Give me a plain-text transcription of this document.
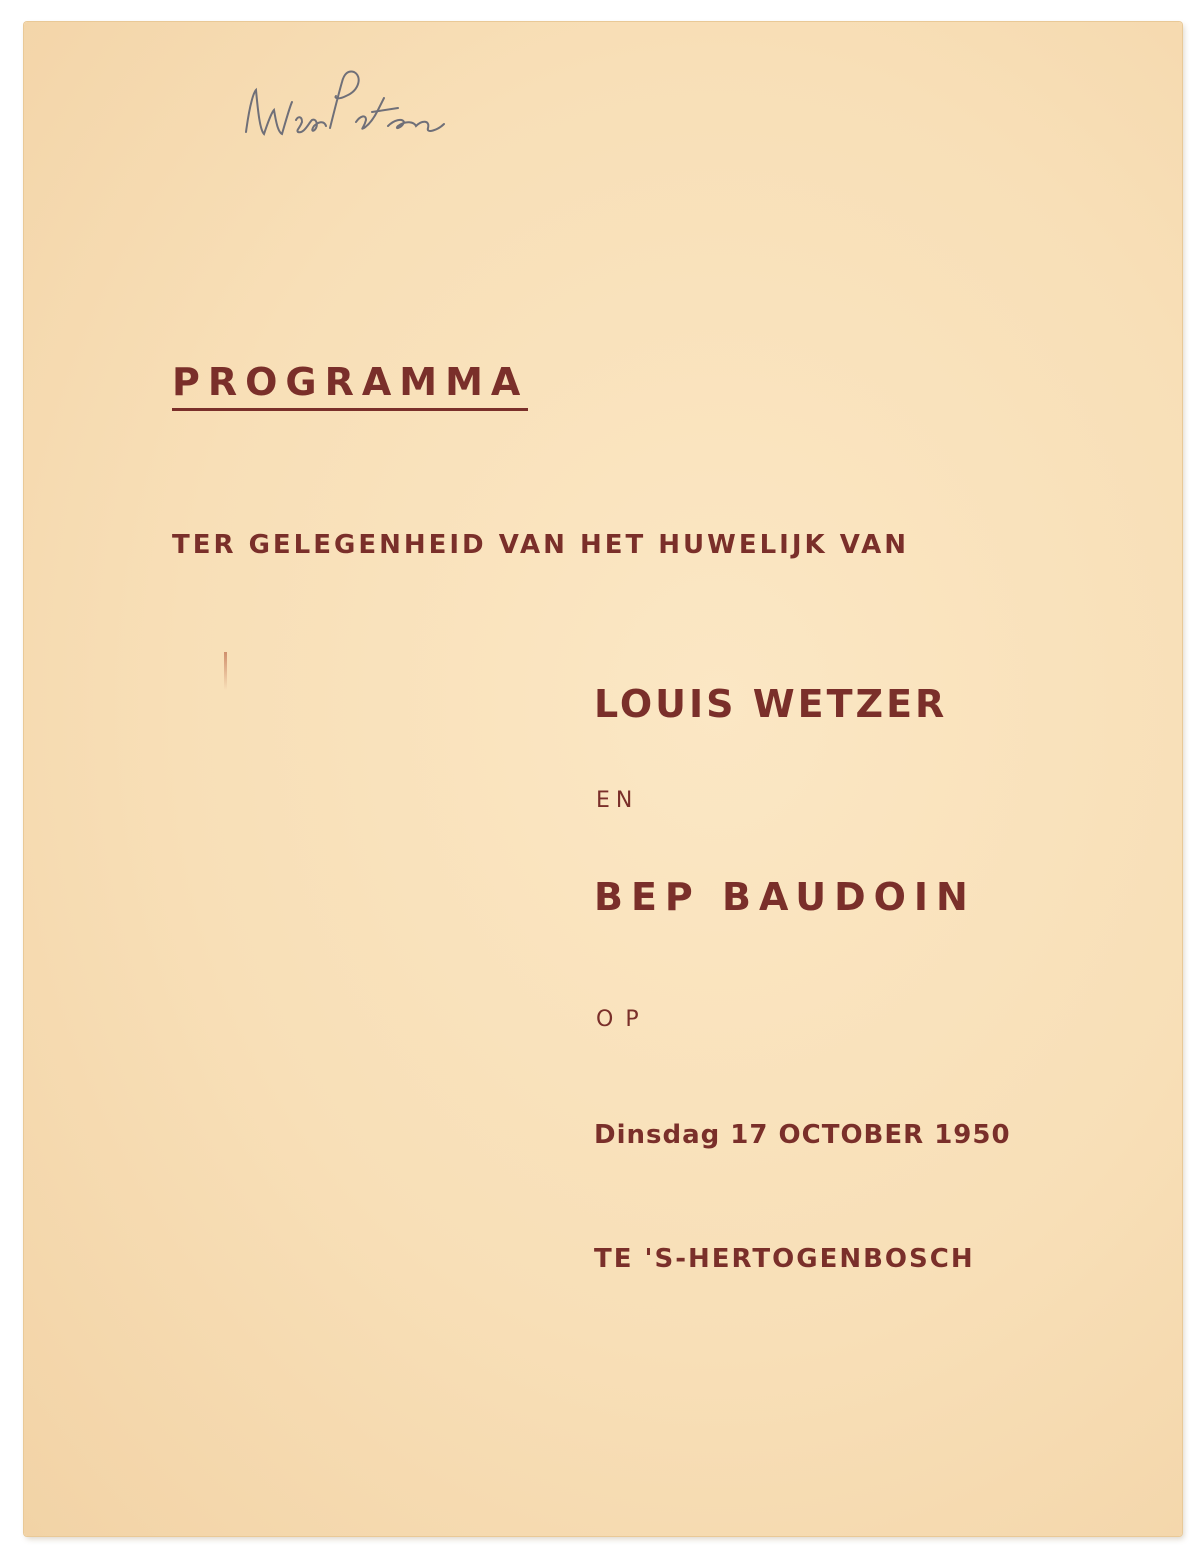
PROGRAMMA

TER GELEGENHEID VAN HET HUWELIJK VAN

LOUIS WETZER

EN

BEP BAUDOIN

OP

Dinsdag 17 OCTOBER 1950

TE 'S-HERTOGENBOSCH
